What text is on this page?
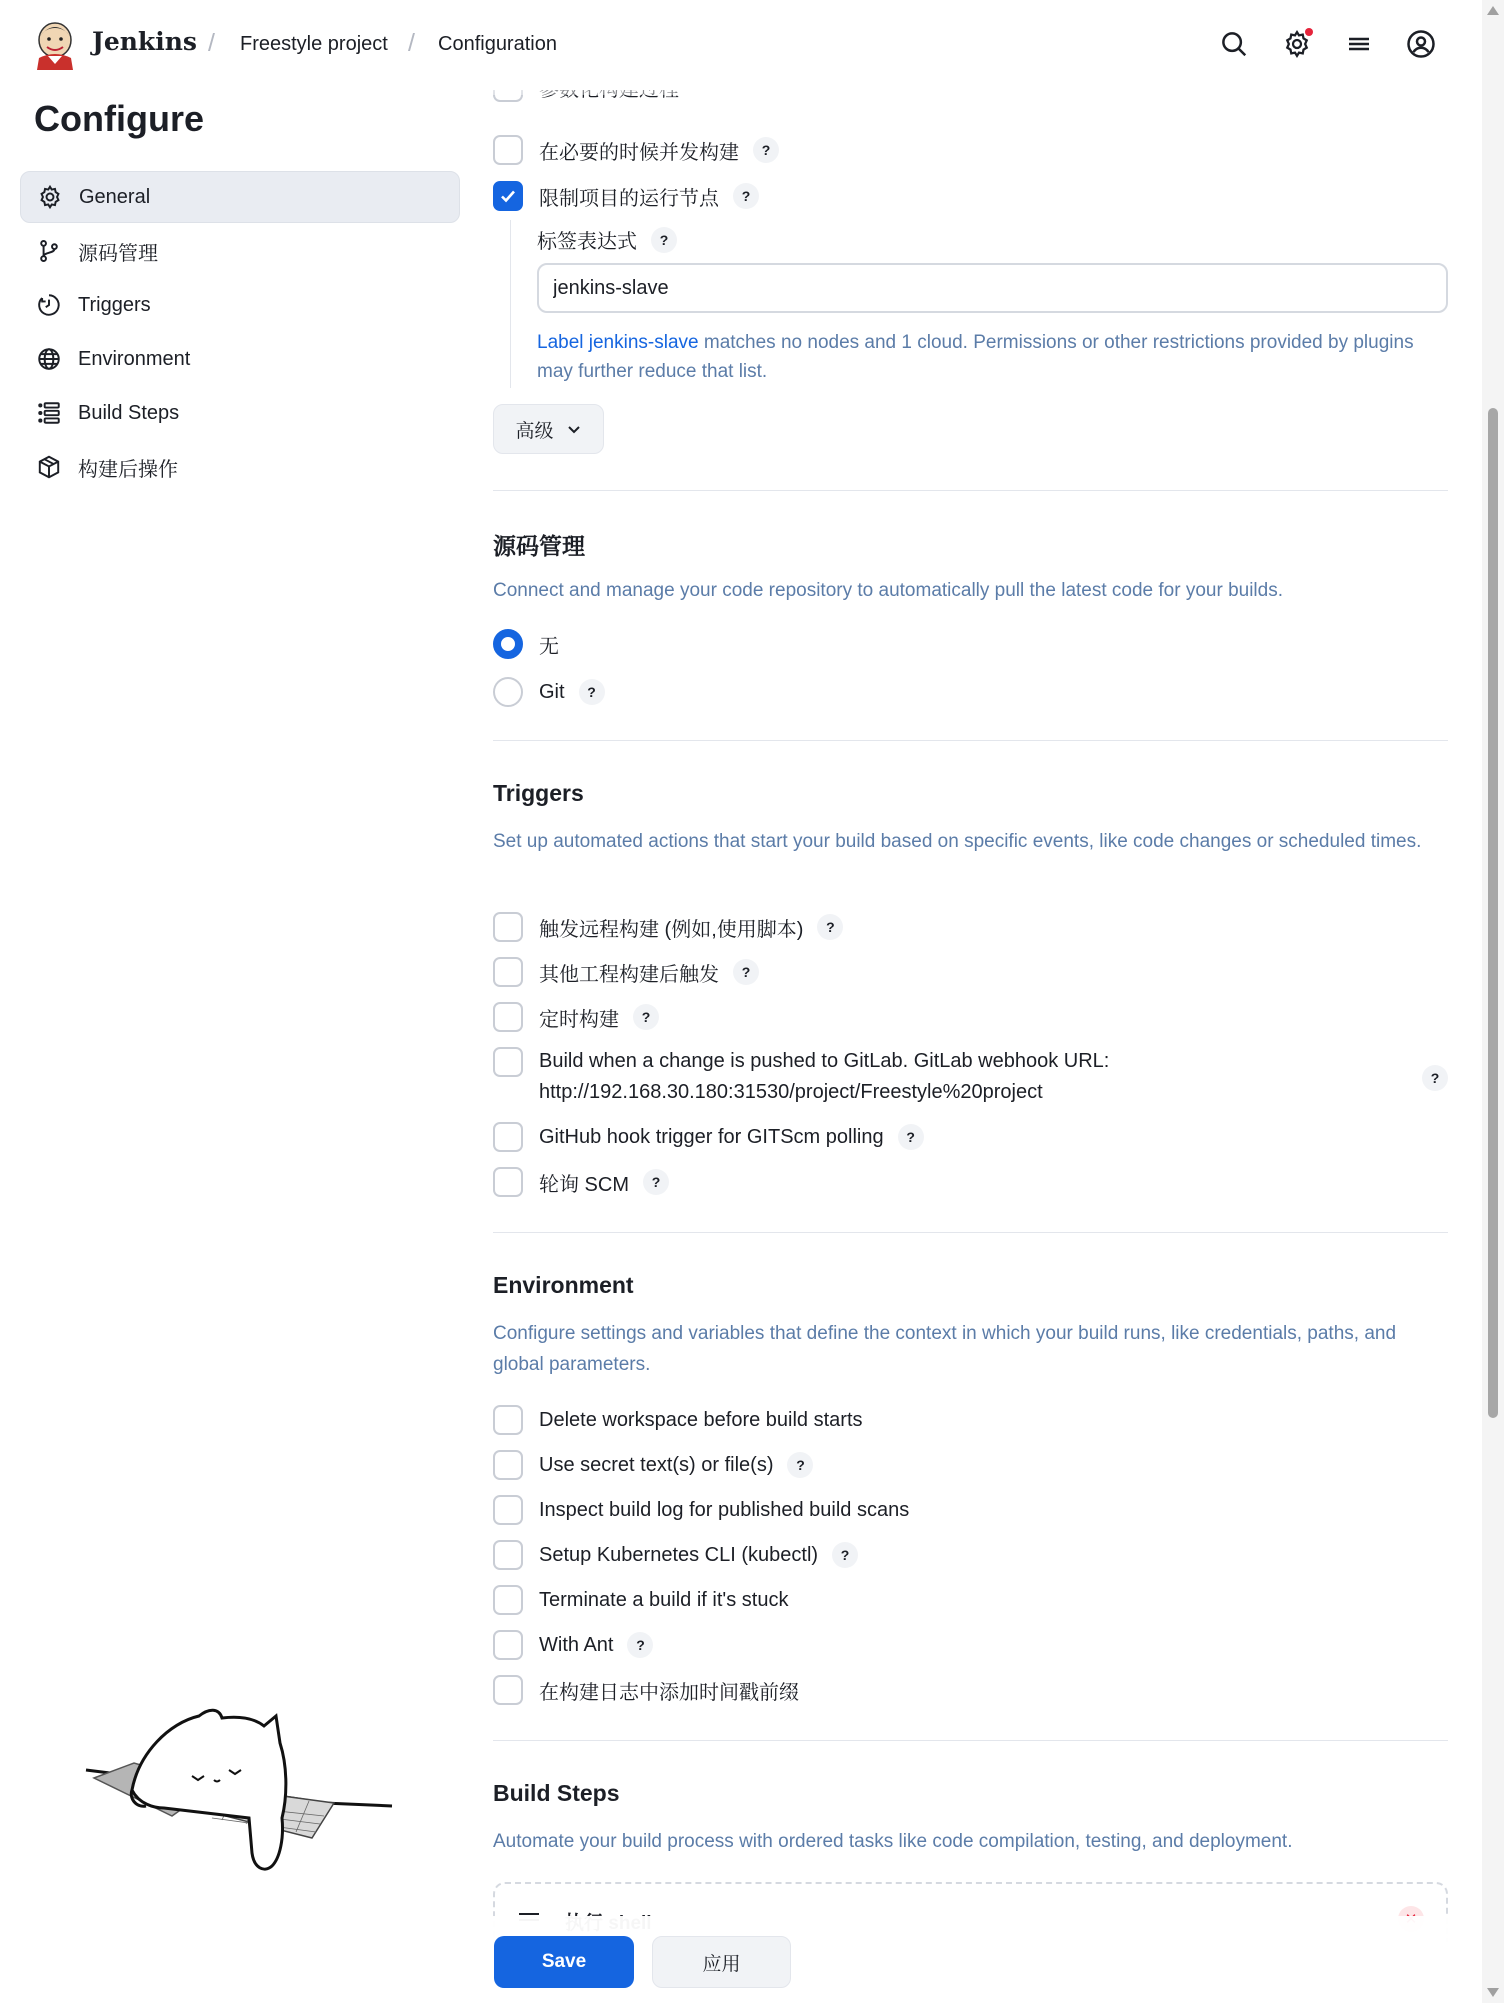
Jenkins / Freestyle project / Configuration
Configure
General
源码管理
Triggers
Environment
Build Steps
构建后操作
在必要的时候并发构建	?
限制项目的运行节点	?
标签表达式	?
jenkins-slave
Label jenkins-slave matches no nodes and 1 cloud. Permissions or other restrictions provided by plugins may further reduce that list.
高级
源码管理

Connect and manage your code repository to automatically pull the latest code for your builds.

无
Git	?
Triggers

Set up automated actions that start your build based on specific events, like code changes or scheduled times.

触发远程构建 (例如,使用脚本)	?
其他工程构建后触发	?
定时构建	?
Build when a change is pushed to GitLab. GitLab webhook URL:
http://192.168.30.180:31530/project/Freestyle%20project
?
GitHub hook trigger for GITScm polling	?
轮询 SCM	?
Environment

Configure settings and variables that define the context in which your build runs, like credentials, paths, and global parameters.

Delete workspace before build starts
Use secret text(s) or file(s)	?
Inspect build log for published build scans
Setup Kubernetes CLI (kubectl)	?
Terminate a build if it's stuck
With Ant	?
在构建日志中添加时间戳前缀
Build Steps

Automate your build process with ordered tasks like code compilation, testing, and deployment.

Save	应用
